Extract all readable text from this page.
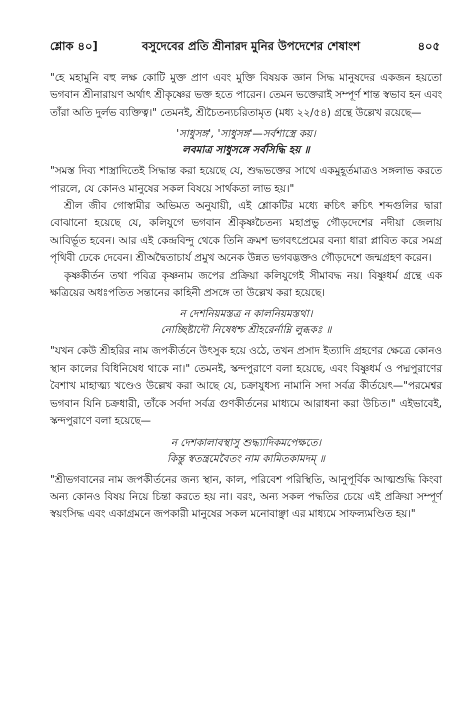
শ্লোক ৪০]	বসুদেবের প্রতি শ্রীনারদ মুনির উপদেশের শেষাংশ	৪০৫

"হে মহামুনি বহু লক্ষ কোটি মুক্ত প্রাণ এবং মুক্তি বিষয়ক জ্ঞান সিদ্ধ মানুষদের একজন হয়তো ভগবান শ্রীনারায়ণ অর্থাৎ শ্রীকৃষ্ণের ভক্ত হতে পারেন। তেমন ভক্তেরাই সম্পূর্ণ শান্ত স্বভাব হন এবং তাঁরা অতি দুর্লভ ব্যক্তিত্ব।" তেমনই, শ্রীচৈতন্যচরিতামৃত (মধ্য ২২/৫৪) গ্রন্থে উল্লেখ রয়েছে—

'সাধুসঙ্গ', 'সাধুসঙ্গ'—সর্বশাস্ত্রে কয়।
লবমাত্র সাধুসঙ্গে সর্বসিদ্ধি হয় ॥

"সমস্ত দিব্য শাস্ত্রাদিতেই সিদ্ধান্ত করা হয়েছে যে, শুদ্ধভক্তের সাথে একমুহূর্তমাত্রও সঙ্গলাভ করতে পারলে, যে কোনও মানুষের সকল বিষয়ে সার্থকতা লাভ হয়।"

শ্রীল জীব গোস্বামীর অভিমত অনুযায়ী, এই শ্লোকটির মধ্যে ক্বচিৎ ক্বচিৎ শব্দগুলির দ্বারা বোঝানো হয়েছে যে, কলিযুগে ভগবান শ্রীকৃষ্ণচৈতন্য মহাপ্রভু গৌড়দেশের নদীয়া জেলায় আবির্ভূত হবেন। আর এই কেন্দ্রবিন্দু থেকে তিনি ক্রমশ ভগবৎপ্রেমের বন্যা ধারা প্লাবিত করে সমগ্র পৃথিবী ঢেকে দেবেন। শ্রীঅদ্বৈতাচার্য প্রমুখ অনেক উন্নত ভগবদ্ভক্তও গৌড়দেশে জন্মগ্রহণ করেন।

কৃষ্ণকীর্তন তথা পবিত্র কৃষ্ণনাম জপের প্রক্রিয়া কলিযুগেই সীমাবদ্ধ নয়। বিষ্ণুধর্ম গ্রন্থে এক ক্ষত্রিয়ের অধঃপতিত সন্তানের কাহিনী প্রসঙ্গে তা উল্লেখ করা হয়েছে।

ন দেশনিয়মস্তত্র ন কালনিয়মস্তথা।
নোচ্ছিষ্টাদৌ নিষেধশ্চ শ্রীহরের্নাম্নি লুব্ধকঃ ॥

"যখন কেউ শ্রীহরির নাম জপকীর্তনে উৎসুক হয়ে ওঠে, তখন প্রসাদ ইত্যাদি গ্রহণের ক্ষেত্রে কোনও স্থান কালের বিধিনিষেধ থাকে না।" তেমনই, স্কন্দপুরাণে বলা হয়েছে, এবং বিষ্ণুধর্ম ও পদ্মপুরাণের বৈশাখ মাহাত্ম্য খণ্ডেও উল্লেখ করা আছে যে, চক্রাযুধস্য নামানি সদা সর্বত্র কীর্তয়েৎ—"পরমেশ্বর ভগবান যিনি চক্রধারী, তাঁকে সর্বদা সর্বত্র গুণকীর্তনের মাধ্যমে আরাধনা করা উচিত।" এইভাবেই, স্কন্দপুরাণে বলা হয়েছে—

ন দেশকালাবস্থাসু শুদ্ধ্যাদিকমপেক্ষতে।
কিন্তু স্বতন্ত্রমেবৈতং নাম কামিতকামদম্ ॥

"শ্রীভগবানের নাম জপকীর্তনের জন্য স্থান, কাল, পরিবেশ পরিস্থিতি, আনুপূর্বিক আত্মশুদ্ধি কিংবা অন্য কোনও বিষয় নিয়ে চিন্তা করতে হয় না। বরং, অন্য সকল পদ্ধতির চেয়ে এই প্রক্রিয়া সম্পূর্ণ স্বয়ংসিদ্ধ এবং একাগ্রমনে জপকারী মানুষের সকল মনোবাঞ্ছা এর মাধ্যমে সাফল্যমণ্ডিত হয়।"
